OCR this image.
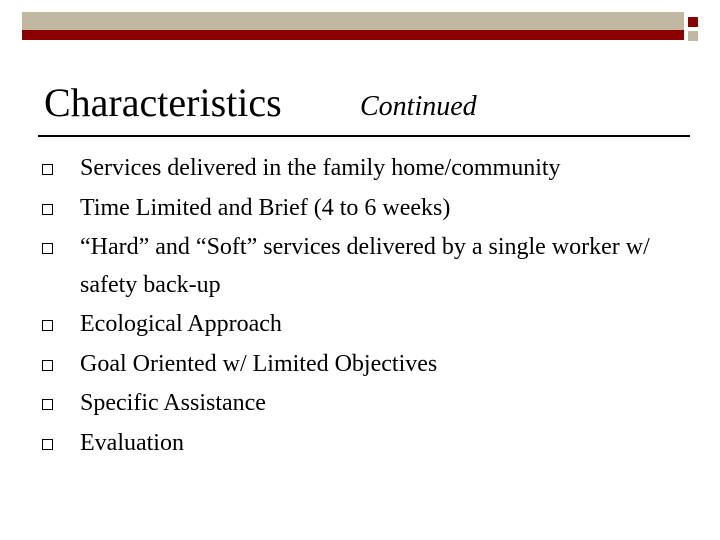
Characteristics	Continued
Services delivered in the family home/community
Time Limited and Brief (4 to 6 weeks)
“Hard” and “Soft” services delivered by a single worker w/ safety back-up
Ecological Approach
Goal Oriented w/ Limited Objectives
Specific Assistance
Evaluation
